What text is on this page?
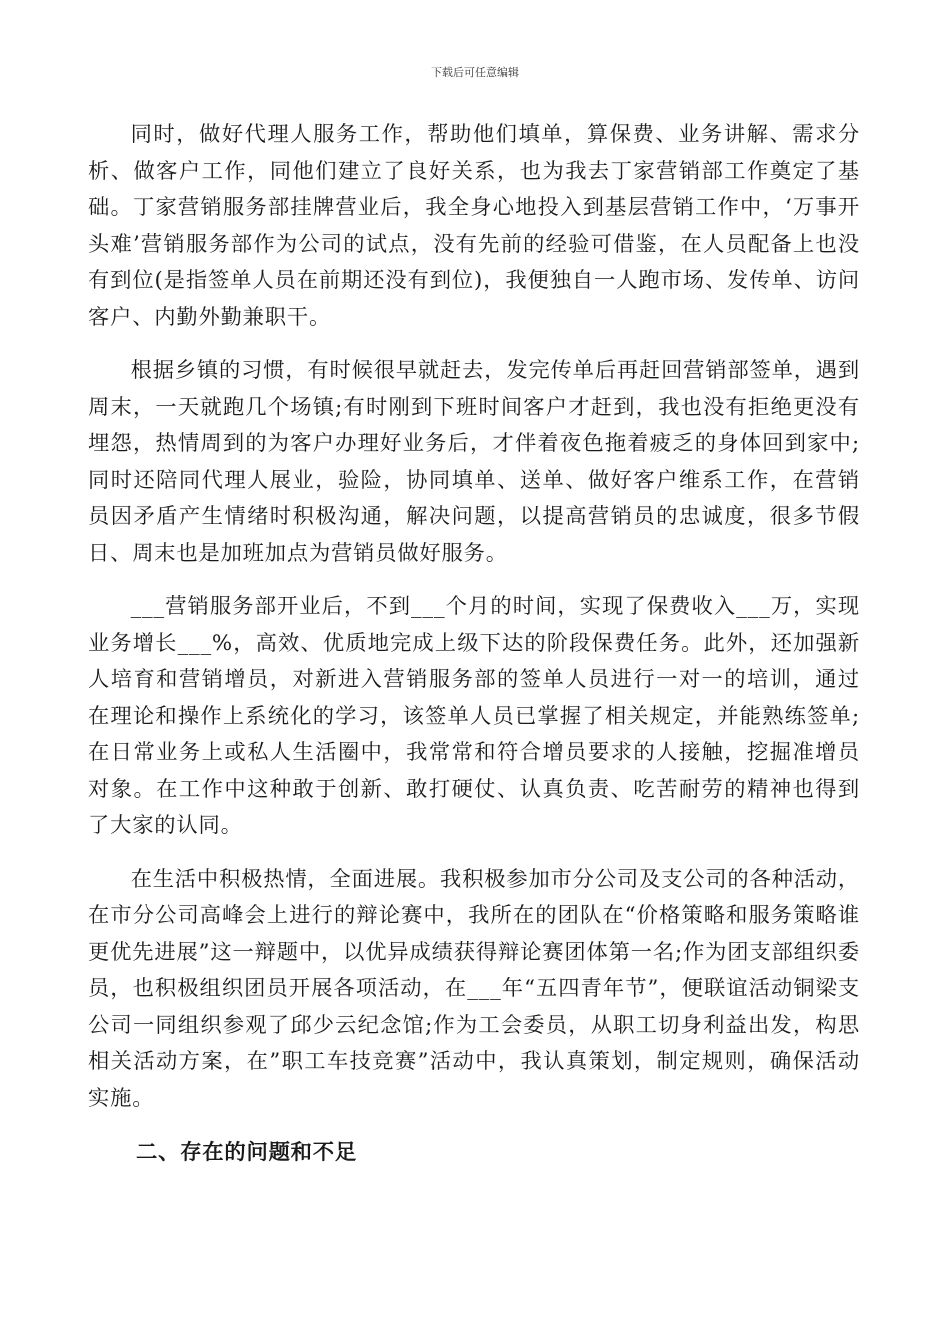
下载后可任意编辑

同时，做好代理人服务工作，帮助他们填单，算保费、业务讲解、需求分析、做客户工作，同他们建立了良好关系，也为我去丁家营销部工作奠定了基础。丁家营销服务部挂牌营业后，我全身心地投入到基层营销工作中，‘万事开头难’营销服务部作为公司的试点，没有先前的经验可借鉴，在人员配备上也没有到位(是指签单人员在前期还没有到位)，我便独自一人跑市场、发传单、访问客户、内勤外勤兼职干。

根据乡镇的习惯，有时候很早就赶去，发完传单后再赶回营销部签单，遇到周末，一天就跑几个场镇;有时刚到下班时间客户才赶到，我也没有拒绝更没有埋怨，热情周到的为客户办理好业务后，才伴着夜色拖着疲乏的身体回到家中;同时还陪同代理人展业，验险，协同填单、送单、做好客户维系工作，在营销员因矛盾产生情绪时积极沟通，解决问题，以提高营销员的忠诚度，很多节假日、周末也是加班加点为营销员做好服务。

___营销服务部开业后，不到___个月的时间，实现了保费收入___万，实现业务增长___%，高效、优质地完成上级下达的阶段保费任务。此外，还加强新人培育和营销增员，对新进入营销服务部的签单人员进行一对一的培训，通过在理论和操作上系统化的学习，该签单人员已掌握了相关规定，并能熟练签单;在日常业务上或私人生活圈中，我常常和符合增员要求的人接触，挖掘准增员对象。在工作中这种敢于创新、敢打硬仗、认真负责、吃苦耐劳的精神也得到了大家的认同。

在生活中积极热情，全面进展。我积极参加市分公司及支公司的各种活动，在市分公司高峰会上进行的辩论赛中，我所在的团队在“价格策略和服务策略谁更优先进展”这一辩题中，以优异成绩获得辩论赛团体第一名;作为团支部组织委员，也积极组织团员开展各项活动，在___年“五四青年节”，便联谊活动铜梁支公司一同组织参观了邱少云纪念馆;作为工会委员，从职工切身利益出发，构思相关活动方案，在”职工车技竞赛”活动中，我认真策划，制定规则，确保活动实施。

二、存在的问题和不足
